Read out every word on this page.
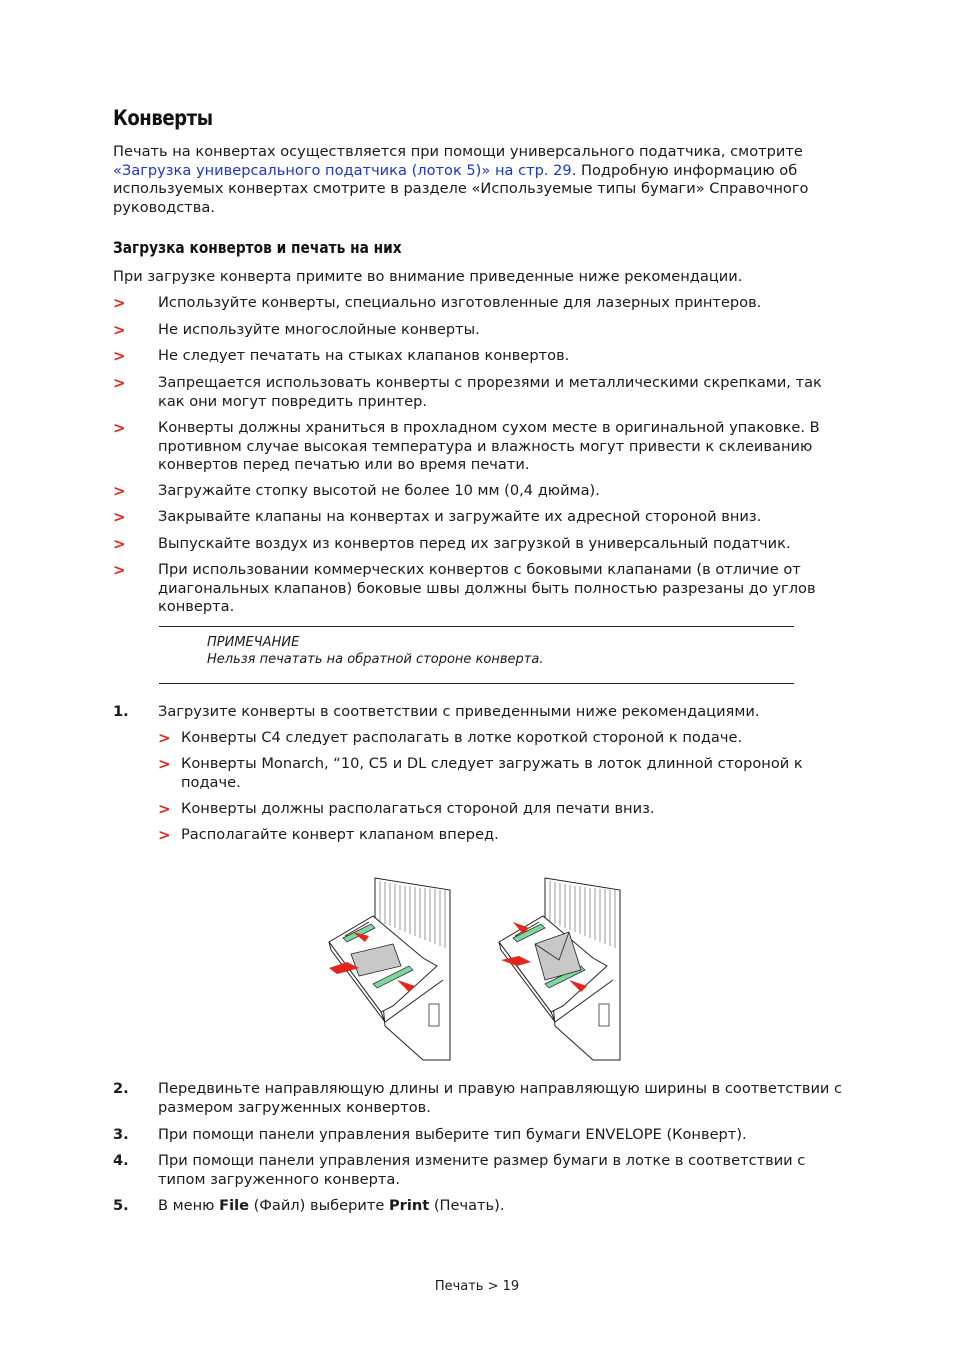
Конверты

Печать на конвертах осуществляется при помощи универсального податчика, смотрите «Загрузка универсального податчика (лоток 5)» на стр. 29. Подробную информацию об используемых конвертах смотрите в разделе «Используемые типы бумаги» Справочного руководства.

Загрузка конвертов и печать на них

При загрузке конверта примите во внимание приведенные ниже рекомендации.

> Используйте конверты, специально изготовленные для лазерных принтеров.
> Не используйте многослойные конверты.
> Не следует печатать на стыках клапанов конвертов.
> Запрещается использовать конверты с прорезями и металлическими скрепками, так как они могут повредить принтер.
> Конверты должны храниться в прохладном сухом месте в оригинальной упаковке. В противном случае высокая температура и влажность могут привести к склеиванию конвертов перед печатью или во время печати.
> Загружайте стопку высотой не более 10 мм (0,4 дюйма).
> Закрывайте клапаны на конвертах и загружайте их адресной стороной вниз.
> Выпускайте воздух из конвертов перед их загрузкой в универсальный податчик.
> При использовании коммерческих конвертов с боковыми клапанами (в отличие от диагональных клапанов) боковые швы должны быть полностью разрезаны до углов конверта.
ПРИМЕЧАНИЕ
Нельзя печатать на обратной стороне конверта.
1. Загрузите конверты в соответствии с приведенными ниже рекомендациями.
> Конверты C4 следует располагать в лотке короткой стороной к подаче.
> Конверты Monarch, “10, C5 и DL следует загружать в лоток длинной стороной к подаче.
> Конверты должны располагаться стороной для печати вниз.
> Располагайте конверт клапаном вперед.
2. Передвиньте направляющую длины и правую направляющую ширины в соответствии с размером загруженных конвертов.
3. При помощи панели управления выберите тип бумаги ENVELOPE (Конверт).
4. При помощи панели управления измените размер бумаги в лотке в соответствии с типом загруженного конверта.
5. В меню File (Файл) выберите Print (Печать).
Печать > 19
